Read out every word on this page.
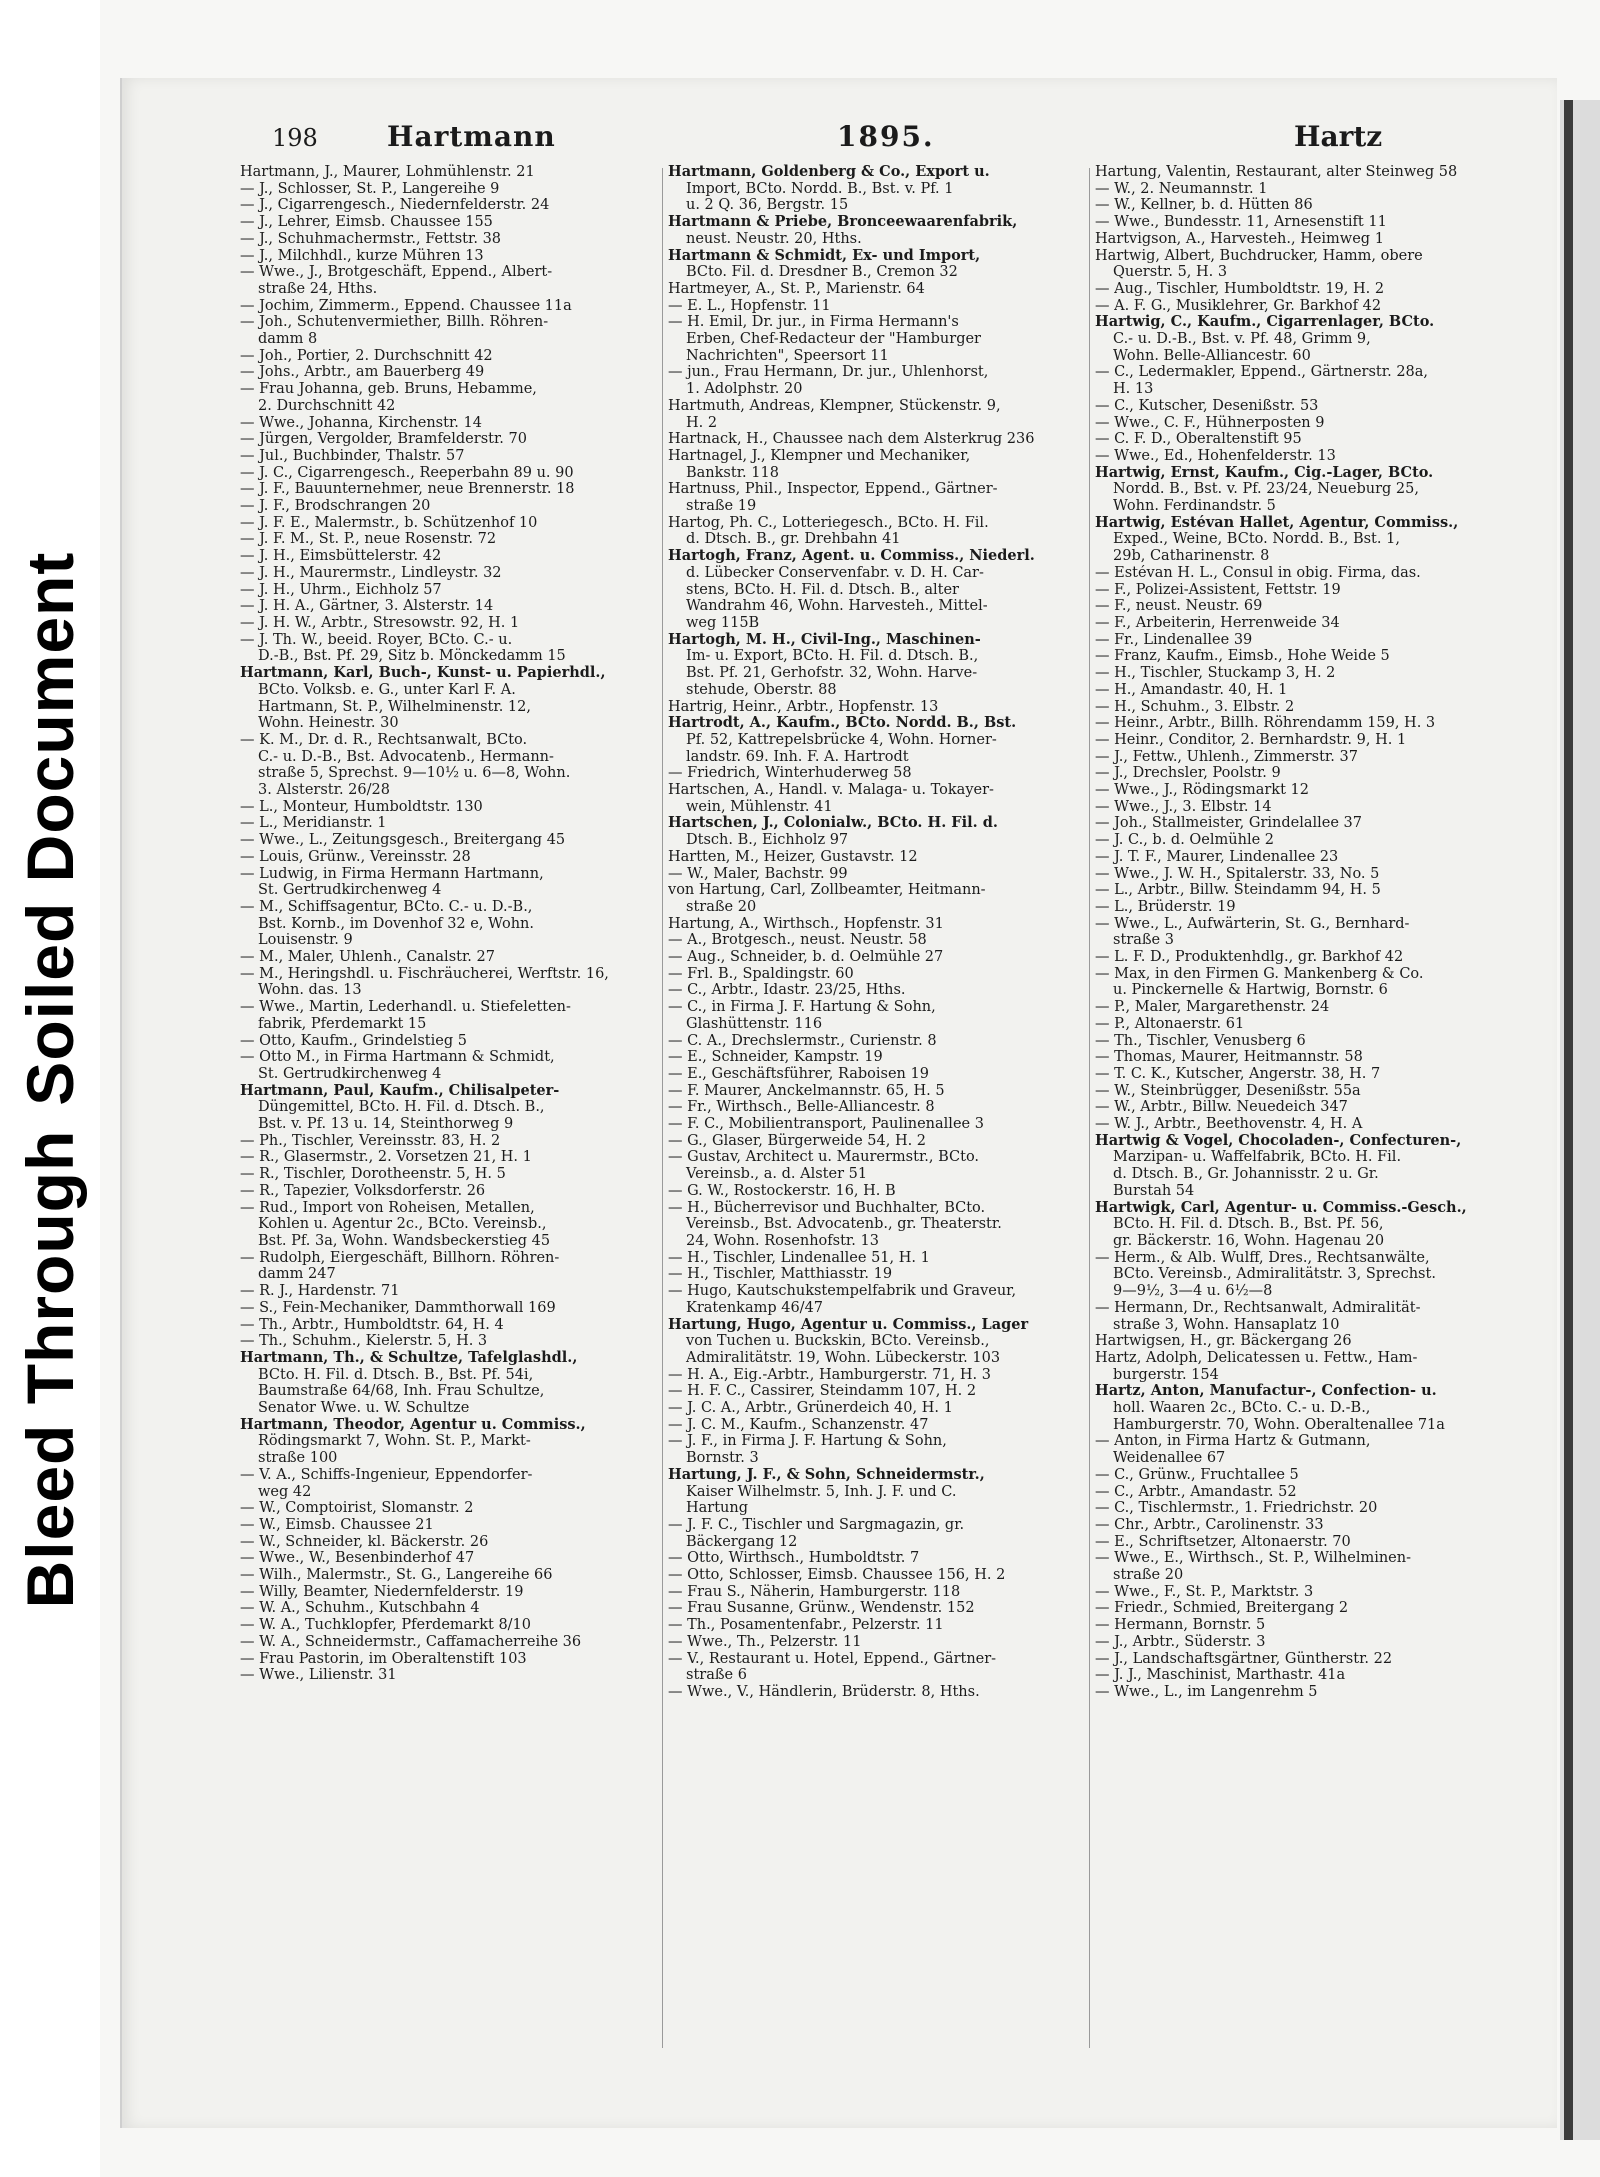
Bleed ThroughSoiled Document
198 Hartmann	1895.	Hartz
Hartmann, J., Maurer, Lohmühlenstr. 21
— J., Schlosser, St. P., Langereihe 9
— J., Cigarrengesch., Niedernfelderstr. 24
— J., Lehrer, Eimsb. Chaussee 155
— J., Schuhmachermstr., Fettstr. 38
— J., Milchhdl., kurze Mühren 13
— Wwe., J., Brotgeschäft, Eppend., Albert-
straße 24, Hths.
— Jochim, Zimmerm., Eppend. Chaussee 11a
— Joh., Schutenvermiether, Billh. Röhren-
damm 8
— Joh., Portier, 2. Durchschnitt 42
— Johs., Arbtr., am Bauerberg 49
— Frau Johanna, geb. Bruns, Hebamme,
2. Durchschnitt 42
— Wwe., Johanna, Kirchenstr. 14
— Jürgen, Vergolder, Bramfelderstr. 70
— Jul., Buchbinder, Thalstr. 57
— J. C., Cigarrengesch., Reeperbahn 89 u. 90
— J. F., Bauunternehmer, neue Brennerstr. 18
— J. F., Brodschrangen 20
— J. F. E., Malermstr., b. Schützenhof 10
— J. F. M., St. P., neue Rosenstr. 72
— J. H., Eimsbüttelerstr. 42
— J. H., Maurermstr., Lindleystr. 32
— J. H., Uhrm., Eichholz 57
— J. H. A., Gärtner, 3. Alsterstr. 14
— J. H. W., Arbtr., Stresowstr. 92, H. 1
— J. Th. W., beeid. Royer, BCto. C.- u.
D.-B., Bst. Pf. 29, Sitz b. Mönckedamm 15
Hartmann, Karl, Buch-, Kunst- u. Papierhdl.,
BCto. Volksb. e. G., unter Karl F. A.
Hartmann, St. P., Wilhelminenstr. 12,
Wohn. Heinestr. 30
— K. M., Dr. d. R., Rechtsanwalt, BCto.
C.- u. D.-B., Bst. Advocatenb., Hermann-
straße 5, Sprechst. 9—10½ u. 6—8, Wohn.
3. Alsterstr. 26/28
— L., Monteur, Humboldtstr. 130
— L., Meridianstr. 1
— Wwe., L., Zeitungsgesch., Breitergang 45
— Louis, Grünw., Vereinsstr. 28
— Ludwig, in Firma Hermann Hartmann,
St. Gertrudkirchenweg 4
— M., Schiffsagentur, BCto. C.- u. D.-B.,
Bst. Kornb., im Dovenhof 32 e, Wohn.
Louisenstr. 9
— M., Maler, Uhlenh., Canalstr. 27
— M., Heringshdl. u. Fischräucherei, Werftstr. 16,
Wohn. das. 13
— Wwe., Martin, Lederhandl. u. Stiefeletten-
fabrik, Pferdemarkt 15
— Otto, Kaufm., Grindelstieg 5
— Otto M., in Firma Hartmann & Schmidt,
St. Gertrudkirchenweg 4
Hartmann, Paul, Kaufm., Chilisalpeter-
Düngemittel, BCto. H. Fil. d. Dtsch. B.,
Bst. v. Pf. 13 u. 14, Steinthorweg 9
— Ph., Tischler, Vereinsstr. 83, H. 2
— R., Glasermstr., 2. Vorsetzen 21, H. 1
— R., Tischler, Dorotheenstr. 5, H. 5
— R., Tapezier, Volksdorferstr. 26
— Rud., Import von Roheisen, Metallen,
Kohlen u. Agentur 2c., BCto. Vereinsb.,
Bst. Pf. 3a, Wohn. Wandsbeckerstieg 45
— Rudolph, Eiergeschäft, Billhorn. Röhren-
damm 247
— R. J., Hardenstr. 71
— S., Fein-Mechaniker, Dammthorwall 169
— Th., Arbtr., Humboldtstr. 64, H. 4
— Th., Schuhm., Kielerstr. 5, H. 3
Hartmann, Th., & Schultze, Tafelglashdl.,
BCto. H. Fil. d. Dtsch. B., Bst. Pf. 54i,
Baumstraße 64/68, Inh. Frau Schultze,
Senator Wwe. u. W. Schultze
Hartmann, Theodor, Agentur u. Commiss.,
Rödingsmarkt 7, Wohn. St. P., Markt-
straße 100
— V. A., Schiffs-Ingenieur, Eppendorfer-
weg 42
— W., Comptoirist, Slomanstr. 2
— W., Eimsb. Chaussee 21
— W., Schneider, kl. Bäckerstr. 26
— Wwe., W., Besenbinderhof 47
— Wilh., Malermstr., St. G., Langereihe 66
— Willy, Beamter, Niedernfelderstr. 19
— W. A., Schuhm., Kutschbahn 4
— W. A., Tuchklopfer, Pferdemarkt 8/10
— W. A., Schneidermstr., Caffamacherreihe 36
— Frau Pastorin, im Oberaltenstift 103
— Wwe., Lilienstr. 31
Hartmann, Goldenberg & Co., Export u.
Import, BCto. Nordd. B., Bst. v. Pf. 1
u. 2 Q. 36, Bergstr. 15
Hartmann & Priebe, Bronceewaarenfabrik,
neust. Neustr. 20, Hths.
Hartmann & Schmidt, Ex- und Import,
BCto. Fil. d. Dresdner B., Cremon 32
Hartmeyer, A., St. P., Marienstr. 64
— E. L., Hopfenstr. 11
— H. Emil, Dr. jur., in Firma Hermann's
Erben, Chef-Redacteur der "Hamburger
Nachrichten", Speersort 11
— jun., Frau Hermann, Dr. jur., Uhlenhorst,
1. Adolphstr. 20
Hartmuth, Andreas, Klempner, Stückenstr. 9,
H. 2
Hartnack, H., Chaussee nach dem Alsterkrug 236
Hartnagel, J., Klempner und Mechaniker,
Bankstr. 118
Hartnuss, Phil., Inspector, Eppend., Gärtner-
straße 19
Hartog, Ph. C., Lotteriegesch., BCto. H. Fil.
d. Dtsch. B., gr. Drehbahn 41
Hartogh, Franz, Agent. u. Commiss., Niederl.
d. Lübecker Conservenfabr. v. D. H. Car-
stens, BCto. H. Fil. d. Dtsch. B., alter
Wandrahm 46, Wohn. Harvesteh., Mittel-
weg 115B
Hartogh, M. H., Civil-Ing., Maschinen-
Im- u. Export, BCto. H. Fil. d. Dtsch. B.,
Bst. Pf. 21, Gerhofstr. 32, Wohn. Harve-
stehude, Oberstr. 88
Hartrig, Heinr., Arbtr., Hopfenstr. 13
Hartrodt, A., Kaufm., BCto. Nordd. B., Bst.
Pf. 52, Kattrepelsbrücke 4, Wohn. Horner-
landstr. 69. Inh. F. A. Hartrodt
— Friedrich, Winterhuderweg 58
Hartschen, A., Handl. v. Malaga- u. Tokayer-
wein, Mühlenstr. 41
Hartschen, J., Colonialw., BCto. H. Fil. d.
Dtsch. B., Eichholz 97
Hartten, M., Heizer, Gustavstr. 12
— W., Maler, Bachstr. 99
von Hartung, Carl, Zollbeamter, Heitmann-
straße 20
Hartung, A., Wirthsch., Hopfenstr. 31
— A., Brotgesch., neust. Neustr. 58
— Aug., Schneider, b. d. Oelmühle 27
— Frl. B., Spaldingstr. 60
— C., Arbtr., Idastr. 23/25, Hths.
— C., in Firma J. F. Hartung & Sohn,
Glashüttenstr. 116
— C. A., Drechslermstr., Curienstr. 8
— E., Schneider, Kampstr. 19
— E., Geschäftsführer, Raboisen 19
— F. Maurer, Anckelmannstr. 65, H. 5
— Fr., Wirthsch., Belle-Alliancestr. 8
— F. C., Mobilientransport, Paulinenallee 3
— G., Glaser, Bürgerweide 54, H. 2
— Gustav, Architect u. Maurermstr., BCto.
Vereinsb., a. d. Alster 51
— G. W., Rostockerstr. 16, H. B
— H., Bücherrevisor und Buchhalter, BCto.
Vereinsb., Bst. Advocatenb., gr. Theaterstr.
24, Wohn. Rosenhofstr. 13
— H., Tischler, Lindenallee 51, H. 1
— H., Tischler, Matthiasstr. 19
— Hugo, Kautschukstempelfabrik und Graveur,
Kratenkamp 46/47
Hartung, Hugo, Agentur u. Commiss., Lager
von Tuchen u. Buckskin, BCto. Vereinsb.,
Admiralitätstr. 19, Wohn. Lübeckerstr. 103
— H. A., Eig.-Arbtr., Hamburgerstr. 71, H. 3
— H. F. C., Cassirer, Steindamm 107, H. 2
— J. C. A., Arbtr., Grünerdeich 40, H. 1
— J. C. M., Kaufm., Schanzenstr. 47
— J. F., in Firma J. F. Hartung & Sohn,
Bornstr. 3
Hartung, J. F., & Sohn, Schneidermstr.,
Kaiser Wilhelmstr. 5, Inh. J. F. und C.
Hartung
— J. F. C., Tischler und Sargmagazin, gr.
Bäckergang 12
— Otto, Wirthsch., Humboldtstr. 7
— Otto, Schlosser, Eimsb. Chaussee 156, H. 2
— Frau S., Näherin, Hamburgerstr. 118
— Frau Susanne, Grünw., Wendenstr. 152
— Th., Posamentenfabr., Pelzerstr. 11
— Wwe., Th., Pelzerstr. 11
— V., Restaurant u. Hotel, Eppend., Gärtner-
straße 6
— Wwe., V., Händlerin, Brüderstr. 8, Hths.
Hartung, Valentin, Restaurant, alter Steinweg 58
— W., 2. Neumannstr. 1
— W., Kellner, b. d. Hütten 86
— Wwe., Bundesstr. 11, Arnesenstift 11
Hartvigson, A., Harvesteh., Heimweg 1
Hartwig, Albert, Buchdrucker, Hamm, obere
Querstr. 5, H. 3
— Aug., Tischler, Humboldtstr. 19, H. 2
— A. F. G., Musiklehrer, Gr. Barkhof 42
Hartwig, C., Kaufm., Cigarrenlager, BCto.
C.- u. D.-B., Bst. v. Pf. 48, Grimm 9,
Wohn. Belle-Alliancestr. 60
— C., Ledermakler, Eppend., Gärtnerstr. 28a,
H. 13
— C., Kutscher, Desenißstr. 53
— Wwe., C. F., Hühnerposten 9
— C. F. D., Oberaltenstift 95
— Wwe., Ed., Hohenfelderstr. 13
Hartwig, Ernst, Kaufm., Cig.-Lager, BCto.
Nordd. B., Bst. v. Pf. 23/24, Neueburg 25,
Wohn. Ferdinandstr. 5
Hartwig, Estévan Hallet, Agentur, Commiss.,
Exped., Weine, BCto. Nordd. B., Bst. 1,
29b, Catharinenstr. 8
— Estévan H. L., Consul in obig. Firma, das.
— F., Polizei-Assistent, Fettstr. 19
— F., neust. Neustr. 69
— F., Arbeiterin, Herrenweide 34
— Fr., Lindenallee 39
— Franz, Kaufm., Eimsb., Hohe Weide 5
— H., Tischler, Stuckamp 3, H. 2
— H., Amandastr. 40, H. 1
— H., Schuhm., 3. Elbstr. 2
— Heinr., Arbtr., Billh. Röhrendamm 159, H. 3
— Heinr., Conditor, 2. Bernhardstr. 9, H. 1
— J., Fettw., Uhlenh., Zimmerstr. 37
— J., Drechsler, Poolstr. 9
— Wwe., J., Rödingsmarkt 12
— Wwe., J., 3. Elbstr. 14
— Joh., Stallmeister, Grindelallee 37
— J. C., b. d. Oelmühle 2
— J. T. F., Maurer, Lindenallee 23
— Wwe., J. W. H., Spitalerstr. 33, No. 5
— L., Arbtr., Billw. Steindamm 94, H. 5
— L., Brüderstr. 19
— Wwe., L., Aufwärterin, St. G., Bernhard-
straße 3
— L. F. D., Produktenhdlg., gr. Barkhof 42
— Max, in den Firmen G. Mankenberg & Co.
u. Pinckernelle & Hartwig, Bornstr. 6
— P., Maler, Margarethenstr. 24
— P., Altonaerstr. 61
— Th., Tischler, Venusberg 6
— Thomas, Maurer, Heitmannstr. 58
— T. C. K., Kutscher, Angerstr. 38, H. 7
— W., Steinbrügger, Desenißstr. 55a
— W., Arbtr., Billw. Neuedeich 347
— W. J., Arbtr., Beethovenstr. 4, H. A
Hartwig & Vogel, Chocoladen-, Confecturen-,
Marzipan- u. Waffelfabrik, BCto. H. Fil.
d. Dtsch. B., Gr. Johannisstr. 2 u. Gr.
Burstah 54
Hartwigk, Carl, Agentur- u. Commiss.-Gesch.,
BCto. H. Fil. d. Dtsch. B., Bst. Pf. 56,
gr. Bäckerstr. 16, Wohn. Hagenau 20
— Herm., & Alb. Wulff, Dres., Rechtsanwälte,
BCto. Vereinsb., Admiralitätstr. 3, Sprechst.
9—9½, 3—4 u. 6½—8
— Hermann, Dr., Rechtsanwalt, Admiralität-
straße 3, Wohn. Hansaplatz 10
Hartwigsen, H., gr. Bäckergang 26
Hartz, Adolph, Delicatessen u. Fettw., Ham-
burgerstr. 154
Hartz, Anton, Manufactur-, Confection- u.
holl. Waaren 2c., BCto. C.- u. D.-B.,
Hamburgerstr. 70, Wohn. Oberaltenallee 71a
— Anton, in Firma Hartz & Gutmann,
Weidenallee 67
— C., Grünw., Fruchtallee 5
— C., Arbtr., Amandastr. 52
— C., Tischlermstr., 1. Friedrichstr. 20
— Chr., Arbtr., Carolinenstr. 33
— E., Schriftsetzer, Altonaerstr. 70
— Wwe., E., Wirthsch., St. P., Wilhelminen-
straße 20
— Wwe., F., St. P., Marktstr. 3
— Friedr., Schmied, Breitergang 2
— Hermann, Bornstr. 5
— J., Arbtr., Süderstr. 3
— J., Landschaftsgärtner, Güntherstr. 22
— J. J., Maschinist, Marthastr. 41a
— Wwe., L., im Langenrehm 5
